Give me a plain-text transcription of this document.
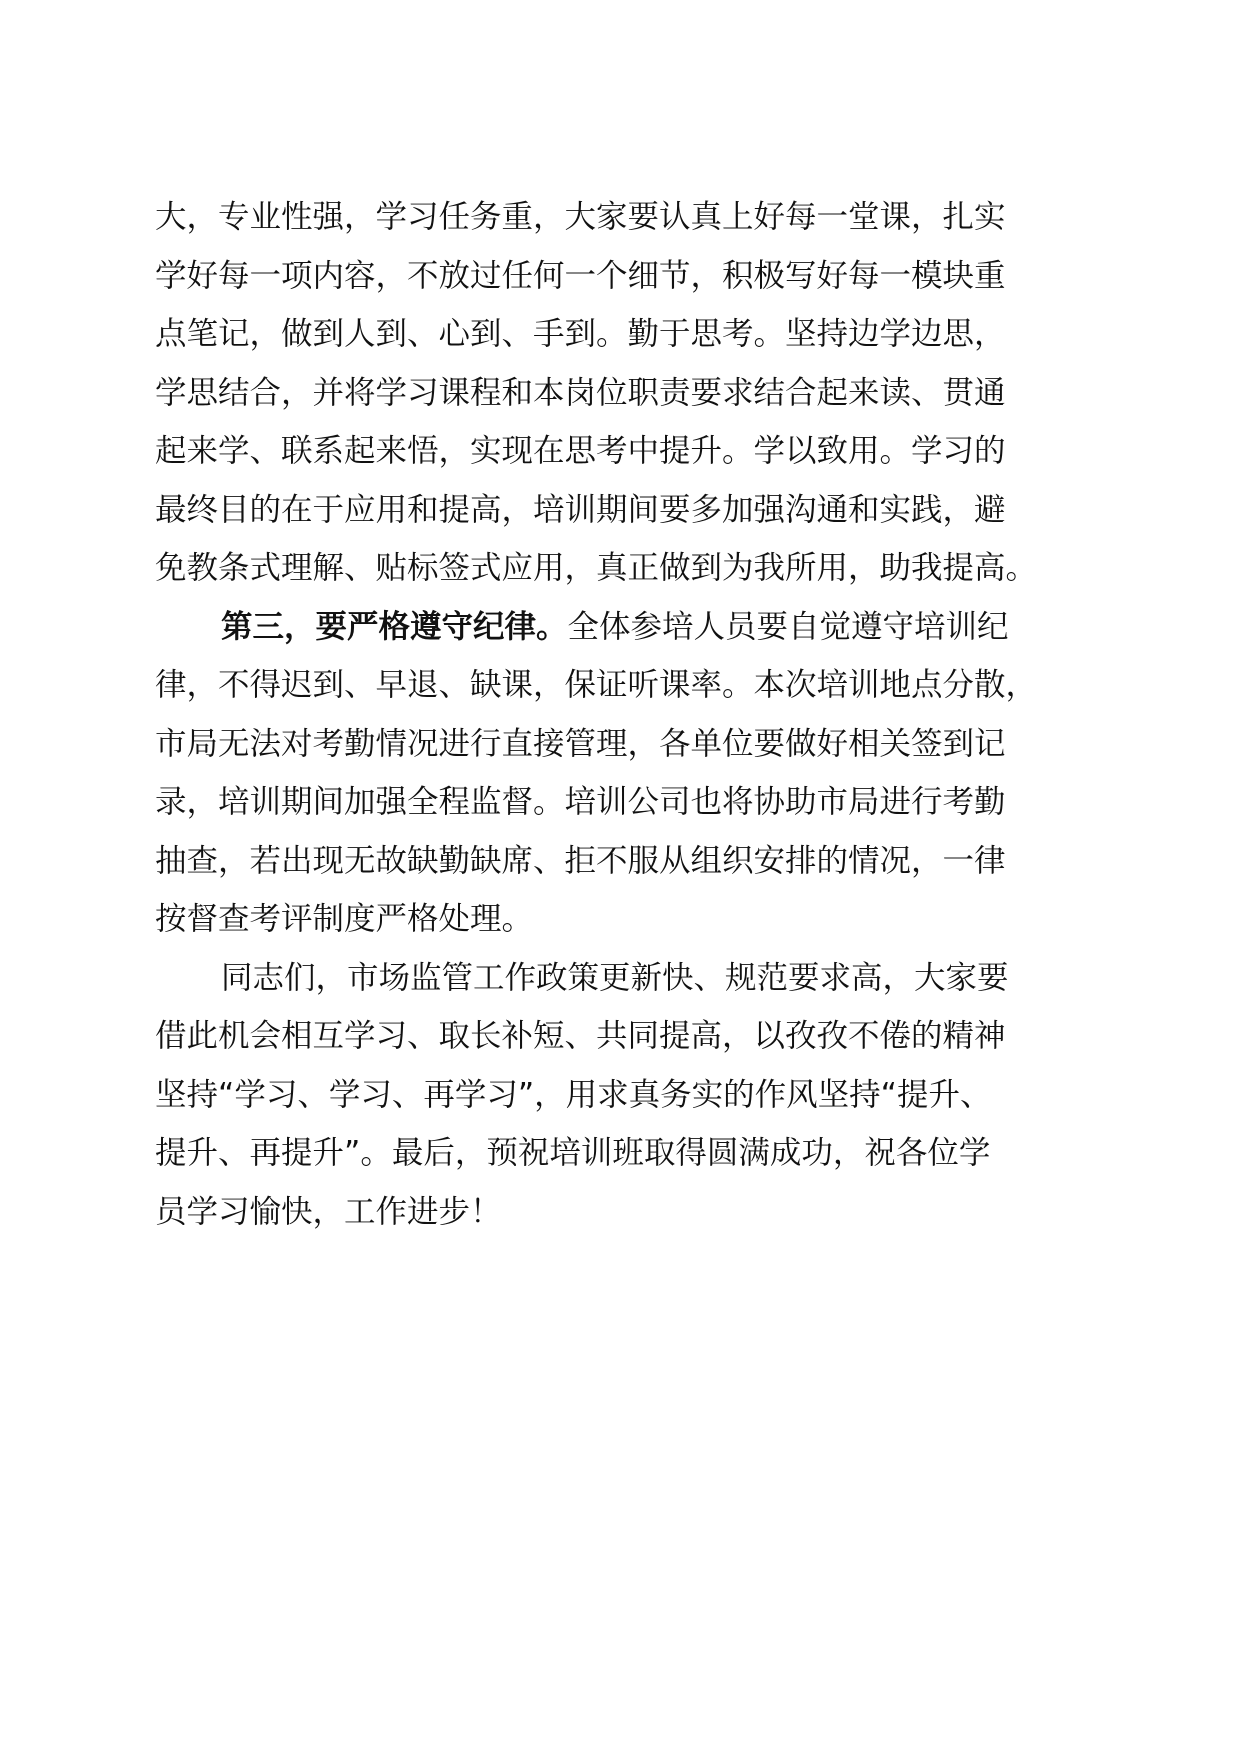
大，专业性强，学习任务重，大家要认真上好每一堂课，扎实
学好每一项内容，不放过任何一个细节，积极写好每一模块重
点笔记，做到人到、心到、手到。勤于思考。坚持边学边思，
学思结合，并将学习课程和本岗位职责要求结合起来读、贯通
起来学、联系起来悟，实现在思考中提升。学以致用。学习的
最终目的在于应用和提高，培训期间要多加强沟通和实践，避
免教条式理解、贴标签式应用，真正做到为我所用，助我提高。
第三，要严格遵守纪律。全体参培人员要自觉遵守培训纪
律，不得迟到、早退、缺课，保证听课率。本次培训地点分散，
市局无法对考勤情况进行直接管理，各单位要做好相关签到记
录，培训期间加强全程监督。培训公司也将协助市局进行考勤
抽查，若出现无故缺勤缺席、拒不服从组织安排的情况，一律
按督查考评制度严格处理。
同志们，市场监管工作政策更新快、规范要求高，大家要
借此机会相互学习、取长补短、共同提高，以孜孜不倦的精神
坚持“学习、学习、再学习”，用求真务实的作风坚持“提升、
提升、再提升”。最后，预祝培训班取得圆满成功，祝各位学
员学习愉快，工作进步！
